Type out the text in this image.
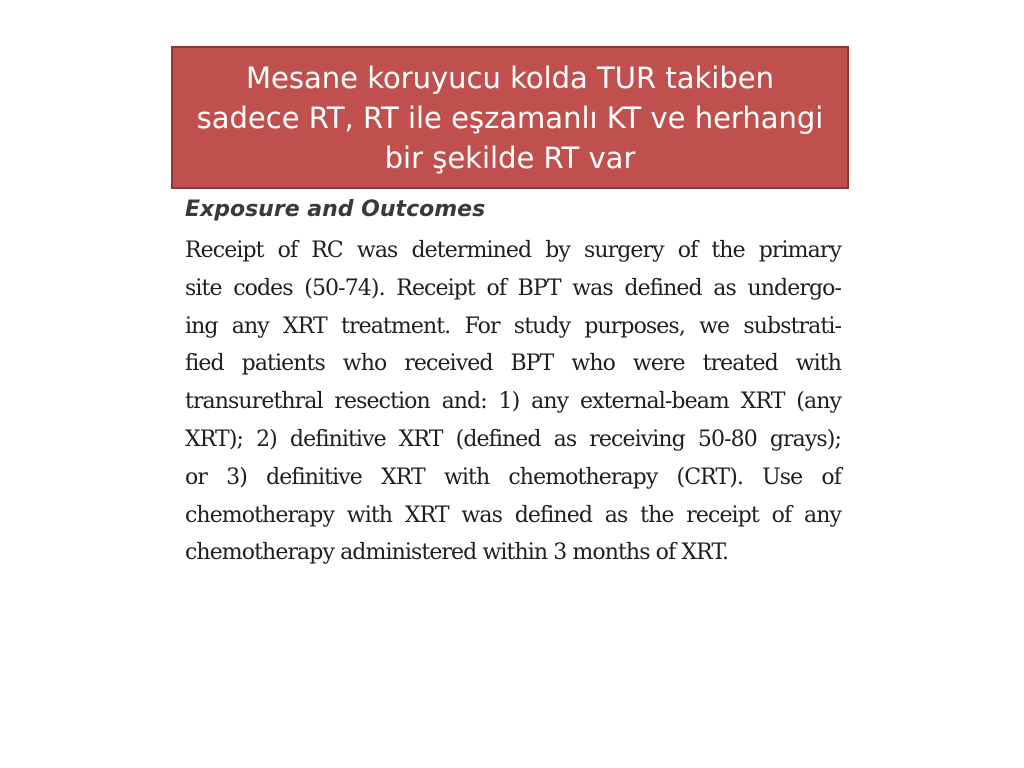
Mesane koruyucu kolda TUR takiben
sadece RT, RT ile eşzamanlı KT ve herhangi
bir şekilde RT var
Exposure and Outcomes
Receipt of RC was determined by surgery of the primary
site codes (50-74). Receipt of BPT was defined as undergo-
ing any XRT treatment. For study purposes, we substrati-
fied patients who received BPT who were treated with
transurethral resection and: 1) any external-beam XRT (any
XRT); 2) definitive XRT (defined as receiving 50-80 grays);
or 3) definitive XRT with chemotherapy (CRT). Use of
chemotherapy with XRT was defined as the receipt of any
chemotherapy administered within 3 months of XRT.
